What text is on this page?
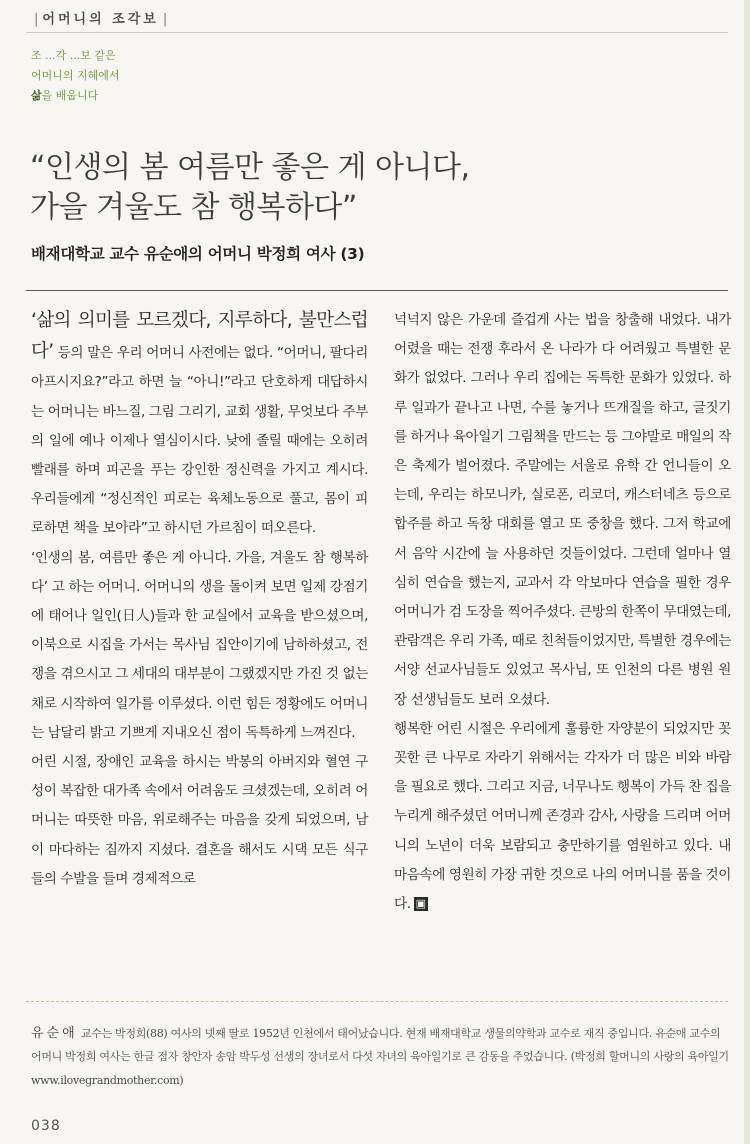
| 어머니의 조각보 |
조 ...각 ...보 같은
어머니의 지혜에서
삶을 배웁니다
“인생의 봄 여름만 좋은 게 아니다,
가을 겨울도 참 행복하다”
배재대학교 교수 유순애의 어머니 박정희 여사 (3)

‘삶의 의미를 모르겠다, 지루하다, 불만스럽다’ 등의 말은 우리 어머니 사전에는 없다. “어머니, 팔다리 아프시지요?”라고 하면 늘 “아니!”라고 단호하게 대답하시는 어머니는 바느질, 그림 그리기, 교회 생활, 무엇보다 주부의 일에 예나 이제나 열심이시다. 낮에 졸릴 때에는 오히려 빨래를 하며 피곤을 푸는 강인한 정신력을 가지고 계시다. 우리들에게 “정신적인 피로는 육체노동으로 풀고, 몸이 피로하면 책을 보아라”고 하시던 가르침이 떠오른다.

‘인생의 봄, 여름만 좋은 게 아니다. 가을, 겨울도 참 행복하다’ 고 하는 어머니. 어머니의 생을 돌이켜 보면 일제 강점기에 태어나 일인(日人)들과 한 교실에서 교육을 받으셨으며, 이북으로 시집을 가서는 목사님 집안이기에 남하하셨고, 전쟁을 겪으시고 그 세대의 대부분이 그랬겠지만 가진 것 없는 채로 시작하여 일가를 이루셨다. 이런 힘든 정황에도 어머니는 남달리 밝고 기쁘게 지내오신 점이 독특하게 느껴진다.

어린 시절, 장애인 교육을 하시는 박봉의 아버지와 혈연 구성이 복잡한 대가족 속에서 어려움도 크셨겠는데, 오히려 어머니는 따뜻한 마음, 위로해주는 마음을 갖게 되었으며, 남이 마다하는 짐까지 지셨다. 결혼을 해서도 시댁 모든 식구들의 수발을 들며 경제적으로

넉넉지 않은 가운데 즐겁게 사는 법을 창출해 내었다. 내가 어렸을 때는 전쟁 후라서 온 나라가 다 어려웠고 특별한 문화가 없었다. 그러나 우리 집에는 독특한 문화가 있었다. 하루 일과가 끝나고 나면, 수를 놓거나 뜨개질을 하고, 글짓기를 하거나 육아일기 그림책을 만드는 등 그야말로 매일의 작은 축제가 벌어졌다. 주말에는 서울로 유학 간 언니들이 오는데, 우리는 하모니카, 실로폰, 리코더, 캐스터네츠 등으로 합주를 하고 독창 대회를 열고 또 중창을 했다. 그저 학교에서 음악 시간에 늘 사용하던 것들이었다. 그런데 얼마나 열심히 연습을 했는지, 교과서 각 악보마다 연습을 필한 경우 어머니가 검 도장을 찍어주셨다. 큰방의 한쪽이 무대였는데, 관람객은 우리 가족, 때로 친척들이었지만, 특별한 경우에는 서양 선교사님들도 있었고 목사님, 또 인천의 다른 병원 원장 선생님들도 보러 오셨다.

행복한 어린 시절은 우리에게 훌륭한 자양분이 되었지만 꼿꼿한 큰 나무로 자라기 위해서는 각자가 더 많은 비와 바람을 필요로 했다. 그리고 지금, 너무나도 행복이 가득 찬 집을 누리게 해주셨던 어머니께 존경과 감사, 사랑을 드리며 어머니의 노년이 더욱 보람되고 충만하기를 염원하고 있다. 내 마음속에 영원히 가장 귀한 것으로 나의 어머니를 품을 것이다. ▣

유순애 교수는 박정희(88) 여사의 넷째 딸로 1952년 인천에서 태어났습니다. 현재 배재대학교 생물의약학과 교수로 재직 중입니다. 유순애 교수의 어머니 박정희 여사는 한글 점자 창안자 송암 박두성 선생의 장녀로서 다섯 자녀의 육아일기로 큰 감동을 주었습니다. (박정희 할머니의 사랑의 육아일기 www.ilovegrandmother.com)
038
